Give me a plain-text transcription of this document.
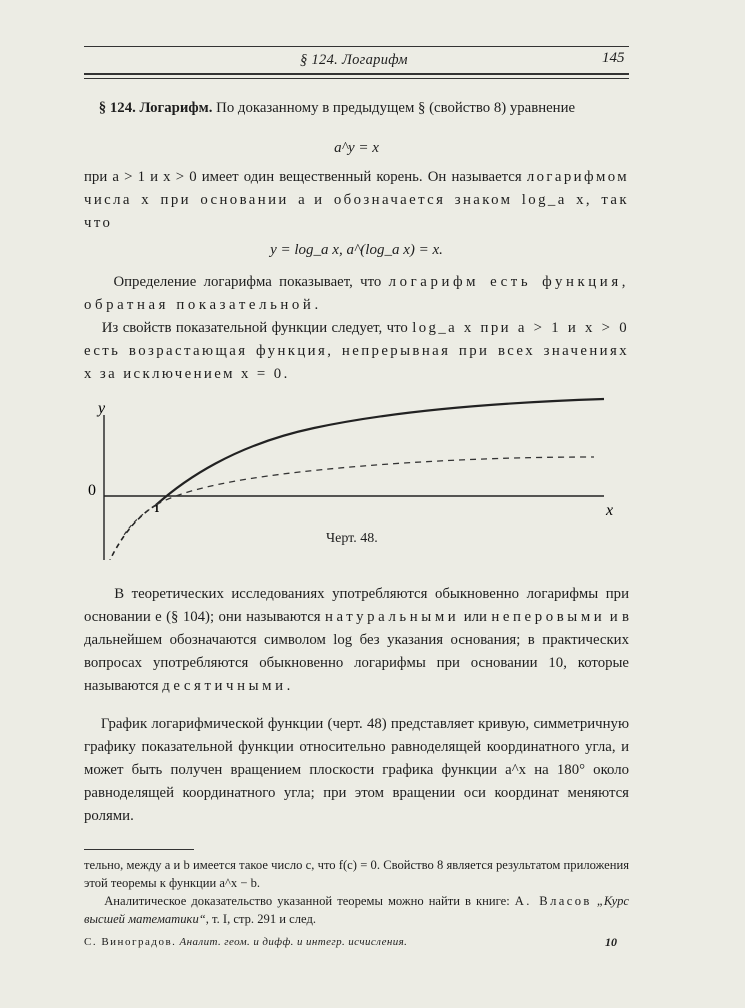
§ 124. Логарифм	145
§ 124. Логарифм. По доказанному в предыдущем § (свойство 8) уравнение
a^y = x
при a > 1 и x > 0 имеет один вещественный корень. Он называется логарифмом числа x при основании a и обозначается знаком log_a x, так что
y = log_a x, a^(log_a x) = x.
Определение логарифма показывает, что логарифм есть функция, обратная показательной.
Из свойств показательной функции следует, что log_a x при a > 1 и x > 0 есть возрастающая функция, непрерывная при всех значениях x за исключением x = 0.
y
x
0
1
Черт. 48.
В теоретических исследованиях употребляются обыкновенно логарифмы при основании e (§ 104); они называются натуральными или неперовыми и в дальнейшем обозначаются символом log без указания основания; в практических вопросах употребляются обыкновенно логарифмы при основании 10, которые называются десятичными.
График логарифмической функции (черт. 48) представляет кривую, симметричную графику показательной функции относительно равноделящей координатного угла, и может быть получен вращением плоскости графика функции a^x на 180° около равноделящей координатного угла; при этом вращении оси координат меняются ролями.
тельно, между a и b имеется такое число c, что f(c) = 0. Свойство 8 является результатом приложения этой теоремы к функции a^x − b.
Аналитическое доказательство указанной теоремы можно найти в книге: А. Власов „Курс высшей математики“, т. I, стр. 291 и след.
С. Виноградов. Аналит. геом. и дифф. и интегр. исчисления.	10
